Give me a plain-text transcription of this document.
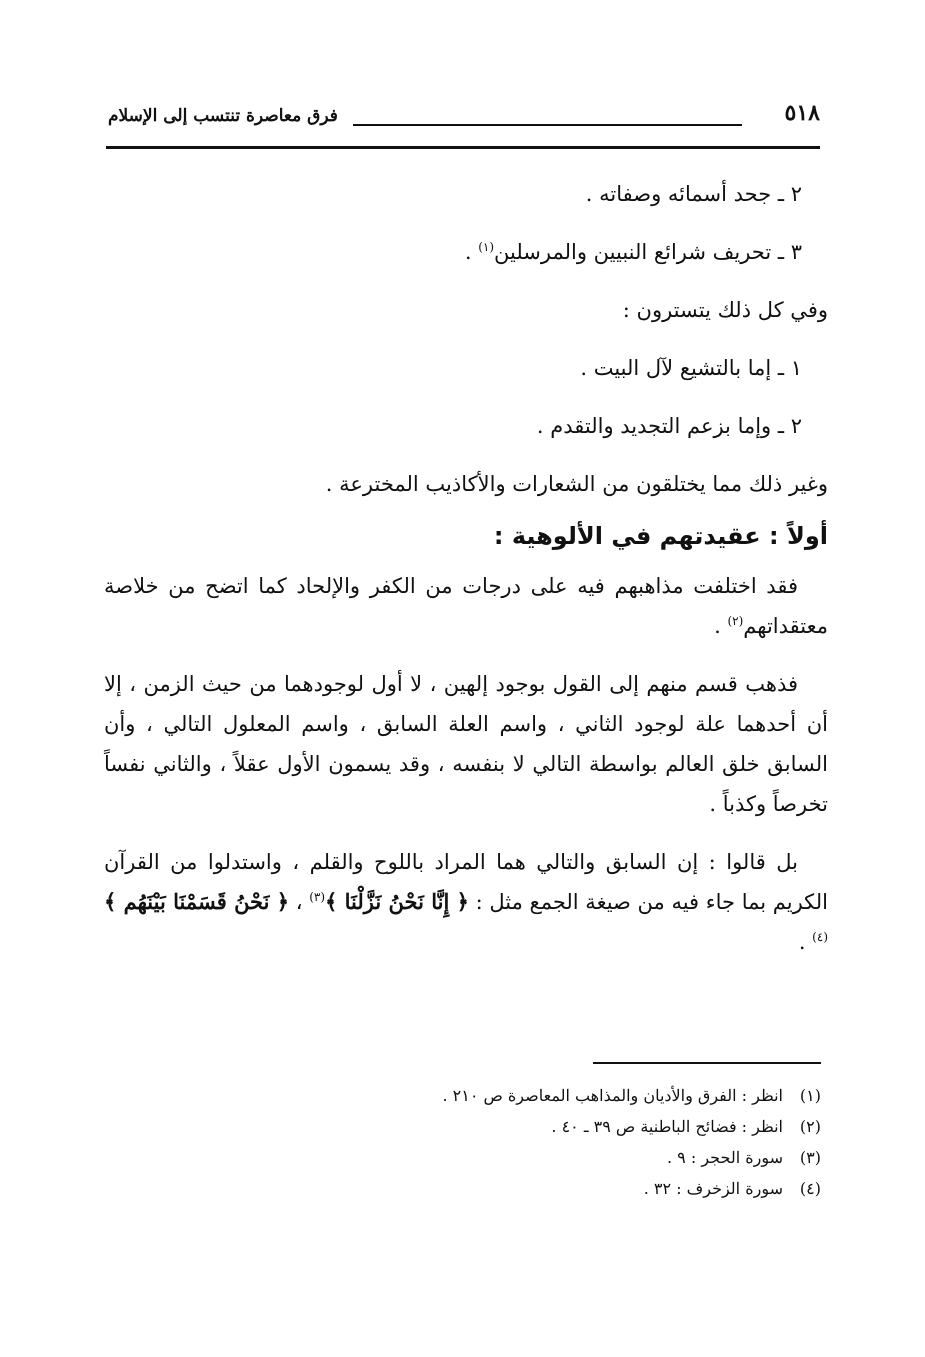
٥١٨
فرق معاصرة تنتسب إلى الإسلام

٢ ـ جحد أسمائه وصفاته .

٣ ـ تحريف شرائع النبيين والمرسلين$^{(١)}$ .

وفي كل ذلك يتسترون :

١ ـ إما بالتشيع لآل البيت .

٢ ـ وإما بزعم التجديد والتقدم .

وغير ذلك مما يختلقون من الشعارات والأكاذيب المخترعة .

أولاً : عقيدتهم في الألوهية :

فقد اختلفت مذاهبهم فيه على درجات من الكفر والإلحاد كما اتضح من خلاصة معتقداتهم$^{(٢)}$ .

فذهب قسم منهم إلى القول بوجود إلهين ، لا أول لوجودهما من حيث الزمن ، إلا أن أحدهما علة لوجود الثاني ، واسم العلة السابق ، واسم المعلول التالي ، وأن السابق خلق العالم بواسطة التالي لا بنفسه ، وقد يسمون الأول عقلاً ، والثاني نفساً تخرصاً وكذباً .

بل قالوا : إن السابق والتالي هما المراد باللوح والقلم ، واستدلوا من القرآن الكريم بما جاء فيه من صيغة الجمع مثل : ﴿ إِنَّا نَحْنُ نَزَّلْنَا ﴾$^{(٣)}$ ، ﴿ نَحْنُ قَسَمْنَا بَيْنَهُم ﴾$^{(٤)}$ .

(١)انظر : الفرق والأديان والمذاهب المعاصرة ص ٢١٠ .
(٢)انظر : فضائح الباطنية ص ٣٩ ـ ٤٠ .
(٣)سورة الحجر : ٩ .
(٤)سورة الزخرف : ٣٢ .
